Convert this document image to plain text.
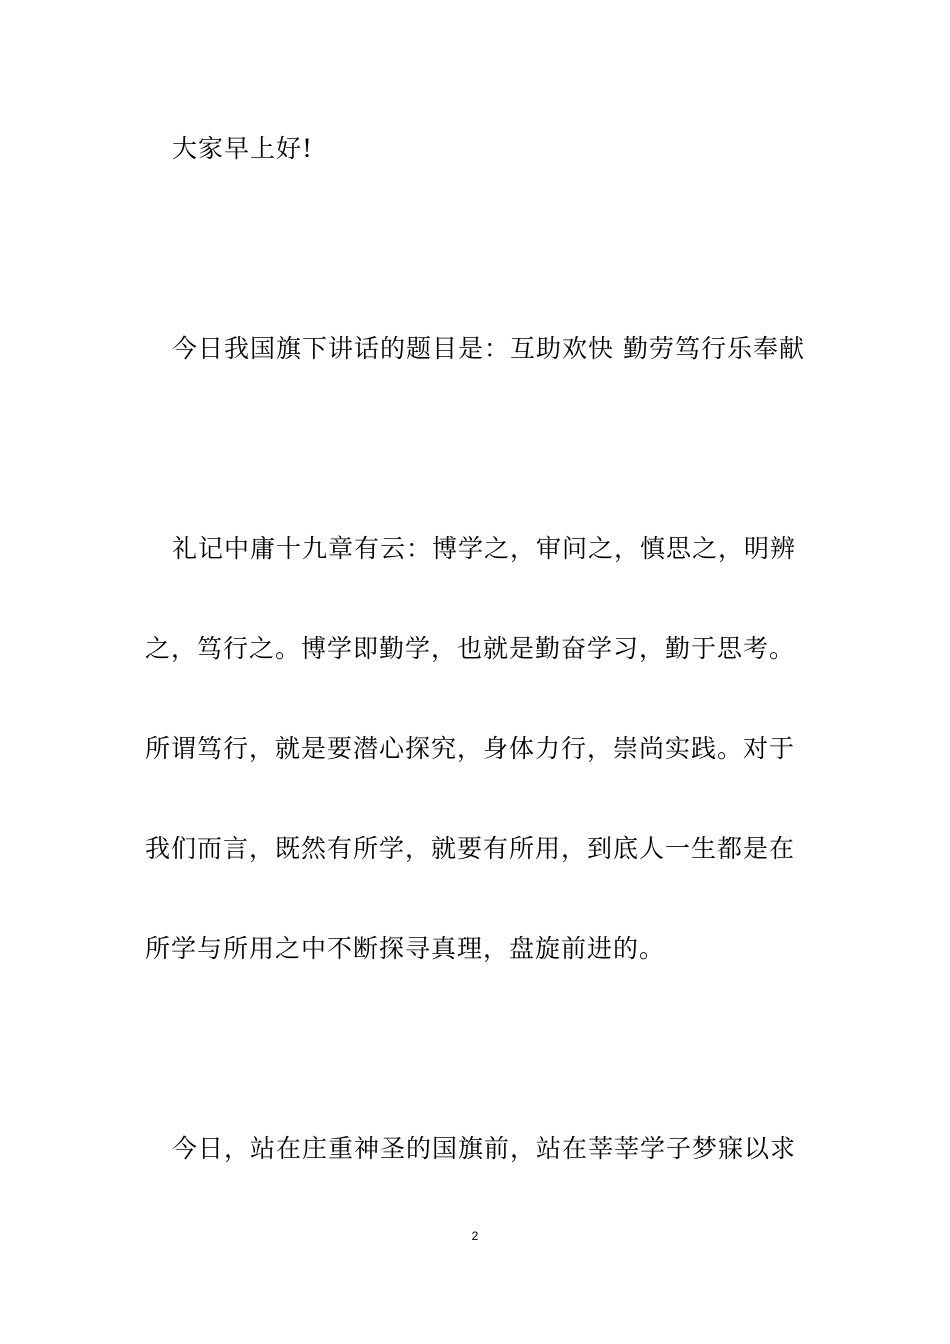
大家早上好!
今日我国旗下讲话的题目是：互助欢快 勤劳笃行乐奉献
礼记中庸十九章有云：博学之，审问之，慎思之，明辨
之，笃行之。博学即勤学，也就是勤奋学习，勤于思考。
所谓笃行，就是要潜心探究，身体力行，崇尚实践。对于
我们而言，既然有所学，就要有所用，到底人一生都是在
所学与所用之中不断探寻真理，盘旋前进的。
今日，站在庄重神圣的国旗前，站在莘莘学子梦寐以求
2
